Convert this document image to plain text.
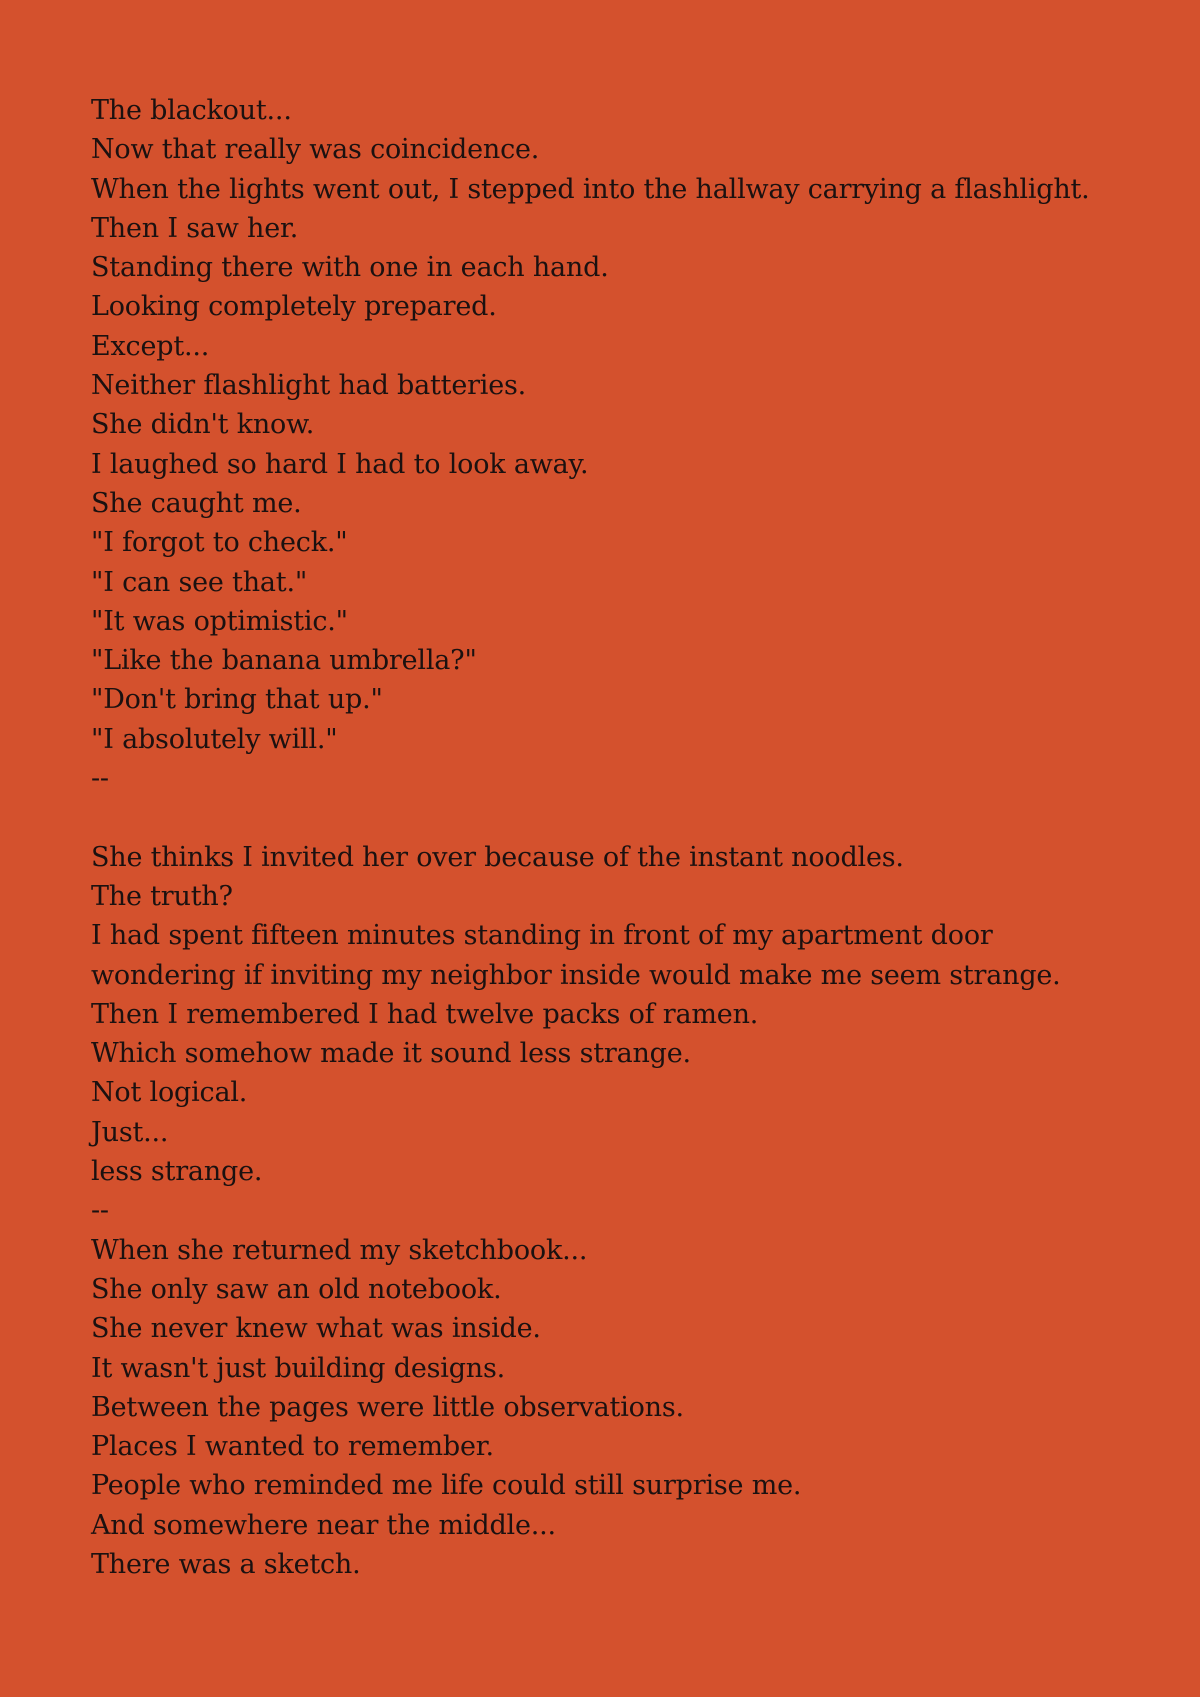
The blackout...
Now that really was coincidence.
When the lights went out, I stepped into the hallway carrying a flashlight.
Then I saw her.
Standing there with one in each hand.
Looking completely prepared.
Except...
Neither flashlight had batteries.
She didn't know.
I laughed so hard I had to look away.
She caught me.
"I forgot to check."
"I can see that."
"It was optimistic."
"Like the banana umbrella?"
"Don't bring that up."
"I absolutely will."
--
She thinks I invited her over because of the instant noodles.
The truth?
I had spent fifteen minutes standing in front of my apartment door
wondering if inviting my neighbor inside would make me seem strange.
Then I remembered I had twelve packs of ramen.
Which somehow made it sound less strange.
Not logical.
Just...
less strange.
--
When she returned my sketchbook...
She only saw an old notebook.
She never knew what was inside.
It wasn't just building designs.
Between the pages were little observations.
Places I wanted to remember.
People who reminded me life could still surprise me.
And somewhere near the middle...
There was a sketch.
